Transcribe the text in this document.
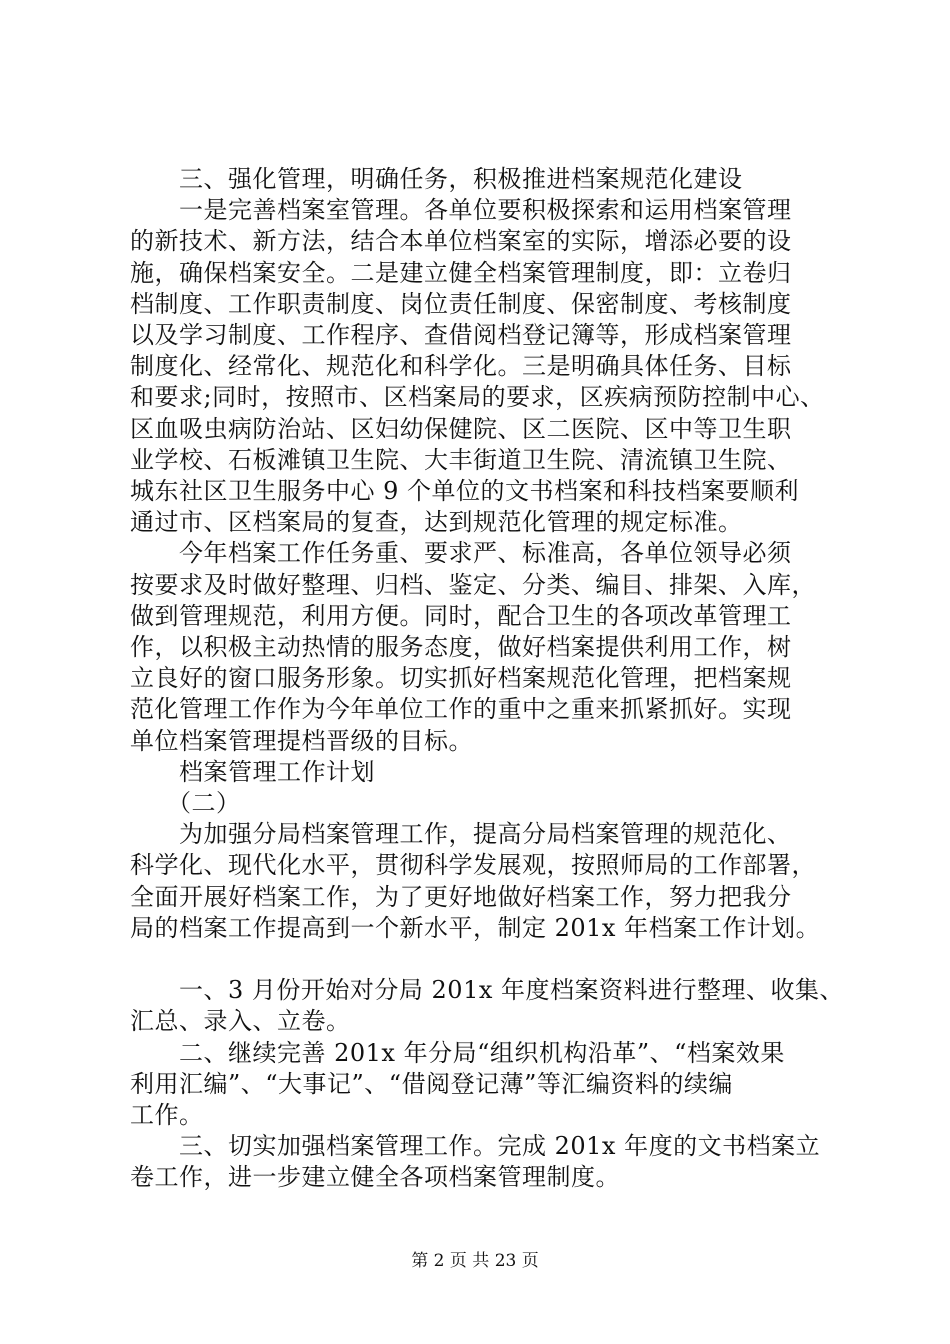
　　三、强化管理，明确任务，积极推进档案规范化建设
　　一是完善档案室管理。各单位要积极探索和运用档案管理
的新技术、新方法，结合本单位档案室的实际，增添必要的设
施，确保档案安全。二是建立健全档案管理制度，即：立卷归
档制度、工作职责制度、岗位责任制度、保密制度、考核制度
以及学习制度、工作程序、查借阅档登记簿等，形成档案管理
制度化、经常化、规范化和科学化。三是明确具体任务、目标
和要求;同时，按照市、区档案局的要求，区疾病预防控制中心、
区血吸虫病防治站、区妇幼保健院、区二医院、区中等卫生职
业学校、石板滩镇卫生院、大丰街道卫生院、清流镇卫生院、
城东社区卫生服务中心 9 个单位的文书档案和科技档案要顺利
通过市、区档案局的复查，达到规范化管理的规定标准。
　　今年档案工作任务重、要求严、标准高，各单位领导必须
按要求及时做好整理、归档、鉴定、分类、编目、排架、入库，
做到管理规范，利用方便。同时，配合卫生的各项改革管理工
作，以积极主动热情的服务态度，做好档案提供利用工作，树
立良好的窗口服务形象。切实抓好档案规范化管理，把档案规
范化管理工作作为今年单位工作的重中之重来抓紧抓好。实现
单位档案管理提档晋级的目标。
　　档案管理工作计划
　　（二）
　　为加强分局档案管理工作，提高分局档案管理的规范化、
科学化、现代化水平，贯彻科学发展观，按照师局的工作部署，
全面开展好档案工作，为了更好地做好档案工作，努力把我分
局的档案工作提高到一个新水平，制定 201x 年档案工作计划。
　　一、3 月份开始对分局 201x 年度档案资料进行整理、收集、
汇总、录入、立卷。
　　二、继续完善 201x 年分局“组织机构沿革”、“档案效果
利用汇编”、“大事记”、“借阅登记薄”等汇编资料的续编
工作。
　　三、切实加强档案管理工作。完成 201x 年度的文书档案立
卷工作，进一步建立健全各项档案管理制度。
第 2 页 共 23 页
